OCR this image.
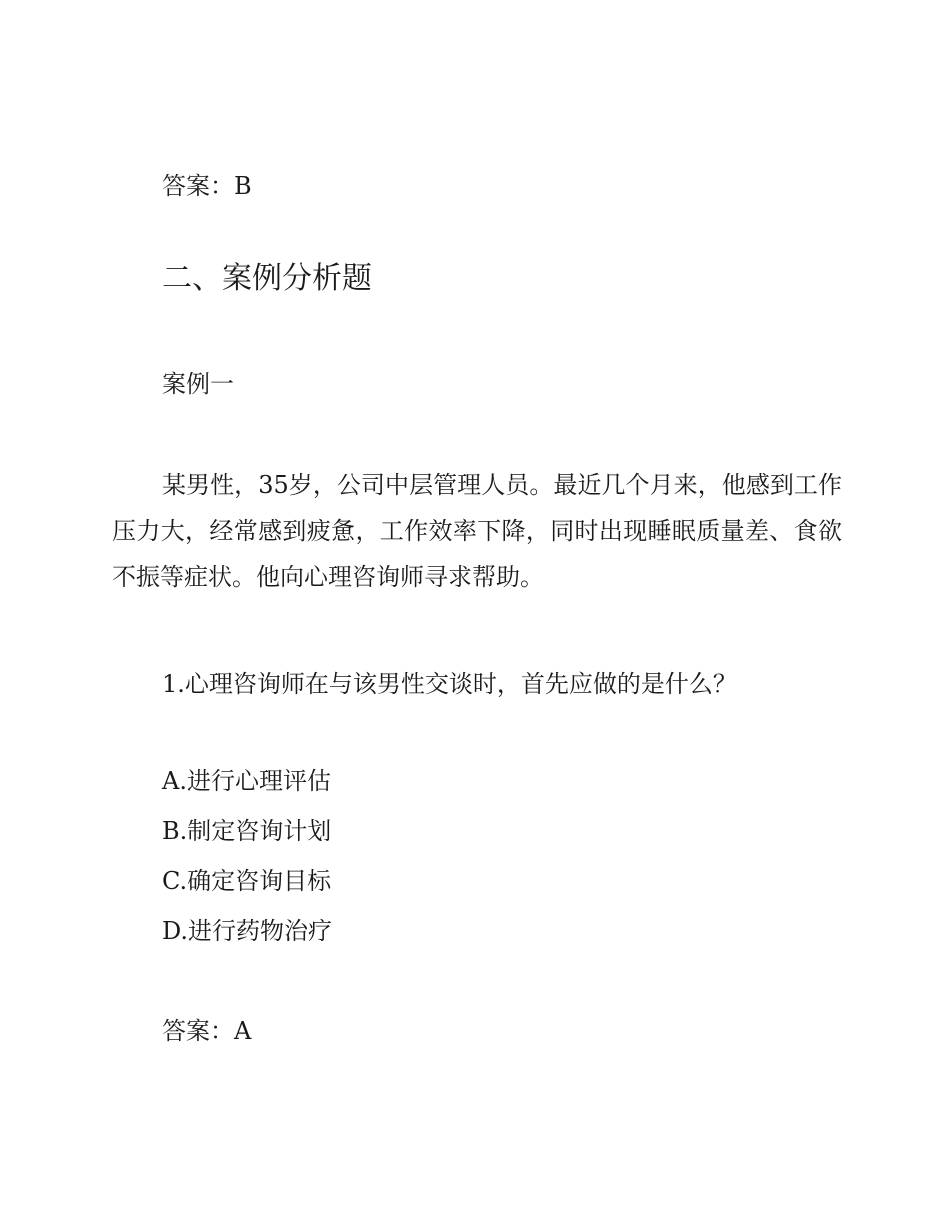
答案：B
二、案例分析题
案例一

某男性，35岁，公司中层管理人员。最近几个月来，他感到工作压力大，经常感到疲惫，工作效率下降，同时出现睡眠质量差、食欲不振等症状。他向心理咨询师寻求帮助。

1.心理咨询师在与该男性交谈时，首先应做的是什么？
A.进行心理评估
B.制定咨询计划
C.确定咨询目标
D.进行药物治疗
答案：A
